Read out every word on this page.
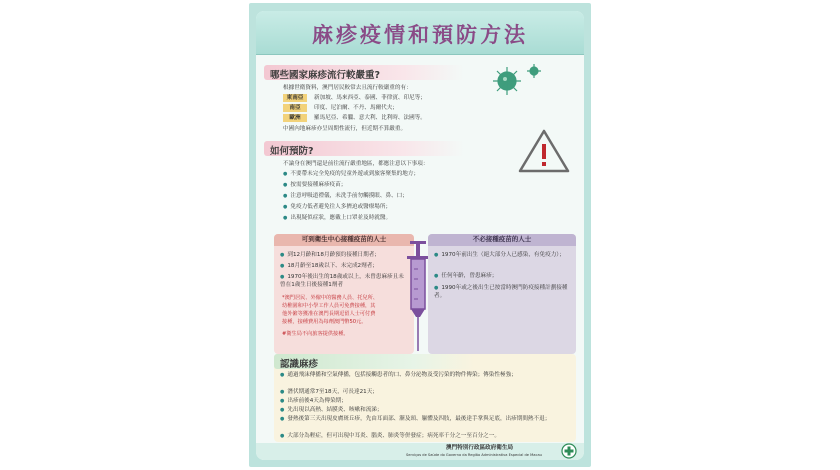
麻疹疫情和預防方法
哪些國家麻疹流行較嚴重?
根據世衛資料，澳門居民較常去且流行較嚴重的有：
東南亞	新加坡、馬來西亞、泰國、菲律賓、印尼等；
南亞	印度、尼泊爾、不丹、馬爾代夫；
歐洲	羅馬尼亞、希臘、意大利、比利時、法國等。
中國內地麻疹亦呈周期性流行，但近期不算嚴重。
如何預防?
不論身在澳門還是前往流行嚴重地區，都應注意以下事項：
● 不要帶未完全免疫的兒童外遊或到旅客聚集的地方；
● 按需要接種麻疹疫苗；
● 注意呼吸道禮儀，未洗手前勿觸摸眼、鼻、口；
● 免疫力低者避免往人多擠迫或醫療場所；
● 出現疑似症狀，應戴上口罩並及時就醫。
可到衛生中心接種疫苗的人士
● 到12月齡和18月齡預約接種日期者；
● 18月齡至18歲以下、未完成2劑者；
● 1970年後出生的18歲或以上，未曾患麻疹且未曾在1歲生日後接種1劑者
*澳門居民、外僱中的醫務人員、托兒所、
幼稚園和中小學工作人員可免費接種，其
他外僱等獲准在澳門長期逗留人士可付費
接種，接種費用為每劑澳門幣50元。
#衛生局不向旅客提供接種。
不必接種疫苗的人士
● 1970年前出生（絕大部分人已感染，有免疫力）；
● 任何年齡，曾患麻疹；
● 1990年或之後出生已按當時澳門防疫接種計劃接種者。
認識麻疹
● 通過飛沫傳播和空氣傳播，包括接觸患者的口、鼻分泌物及受污染的物件傳染；傳染性極強；
● 潛伏期通常7至18天，可長達21天；
● 出疹前後4天為傳染期；
● 先出現以高熱、結膜炎、咳嗽和流涕；
● 發熱後第三天出現皮膚斑丘疹，先由耳面部、漸及頸、軀體及四肢，最後達手掌與足底，出疹期間熱不退；
● 大部分為輕症，但可出現中耳炎、腦炎、肺炎等併發症；病死率千分之一至百分之一。
澳門特別行政區政府衛生局
Serviços de Saúde do Governo da Região Administrativa Especial de Macau
